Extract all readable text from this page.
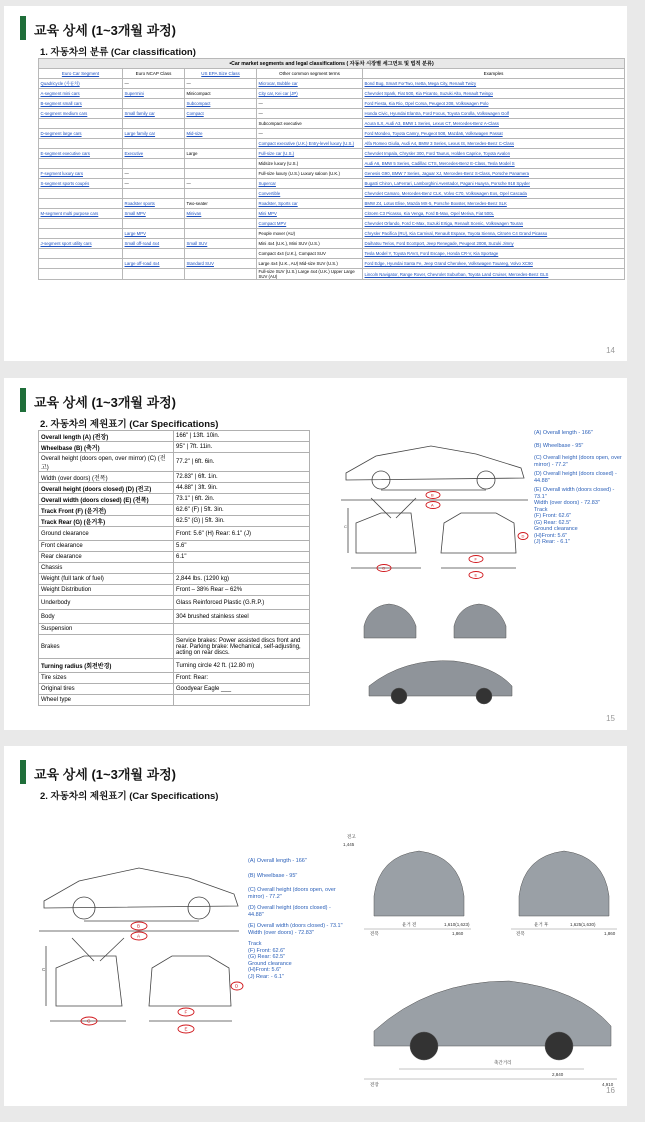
교육 상세 (1~3개월 과정)
1. 자동차의 분류 (Car classification)
•Car market segments and legal classifications ( 자동차 시장별 세그먼트 및 법적 분류)				
Euro Car Segment	Euro NCAP Class	US EPA Size Class	Other common segment terms	Examples
Quadricycle (사륜차)	—	—	Microcar, Bubble car	Bond Bug, Smart ForTwo, Isetta, Mega City, Renault Twizy
A-segment mini cars	Supermini	Minicompact	City car, Kei car (JP)	Chevrolet Spark, Fiat 500, Kia Picanto, Suzuki Alto, Renault Twingo
B-segment small cars		Subcompact	—	Ford Fiesta, Kia Rio, Opel Corsa, Peugeot 208, Volkswagen Polo
C-segment medium cars	Small family car	Compact	—	Honda Civic, Hyundai Elantra, Ford Focus, Toyota Corolla, Volkswagen Golf
			Subcompact executive	Acura ILX, Audi A3, BMW 1 Series, Lexus CT, Mercedes-Benz A-Class
D-segment large cars	Large family car	Mid-size	—	Ford Mondeo, Toyota Camry, Peugeot 508, Mazda6, Volkswagen Passat
			Compact executive (U.K.) Entry-level luxury (U.S.)	Alfa Romeo Giulia, Audi A4, BMW 3 Series, Lexus IS, Mercedes-Benz C-Class
E-segment executive cars	Executive	Large	Full-size car (U.S.)	Chevrolet Impala, Chrysler 300, Ford Taurus, Holden Caprice, Toyota Avalon
			Midsize luxury (U.S.)	Audi A6, BMW 5 Series, Cadillac CTS, Mercedes-Benz E-Class, Tesla Model S
F-segment luxury cars	—		Full-size luxury (U.S.) Luxury saloon (U.K.)	Genesis G90, BMW 7 Series, Jaguar XJ, Mercedes-Benz S-Class, Porsche Panamera
S-segment sports coupés	—	—	Supercar	Bugatti Chiron, LaFerrari, Lamborghini Aventador, Pagani Huayra, Porsche 918 Spyder
			Convertible	Chevrolet Camaro, Mercedes-Benz CLK, Volvo C70, Volkswagen Eos, Opel Cascada
	Roadster sports	Two-seater	Roadster, Sports car	BMW Z4, Lotus Elise, Mazda MX-5, Porsche Boxster, Mercedes-Benz SLK
M-segment multi purpose cars	Small MPV	Minivan	Mini MPV	Citroën C3 Picasso, Kia Venga, Ford B-Max, Opel Meriva, Fiat 500L
			Compact MPV	Chevrolet Orlando, Ford C-Max, Suzuki Ertiga, Renault Scenic, Volkswagen Touran
	Large MPV		People mover (AU)	Chrysler Pacifica (RU), Kia Carnival, Renault Espace, Toyota Sienna, Citroën C4 Grand Picasso
J-segment sport utility cars	Small off-road 4x4	Small SUV	Mini 4x4 (U.K.), Mini SUV (U.S.)	Daihatsu Terios, Ford EcoSport, Jeep Renegade, Peugeot 2008, Suzuki Jimny
			Compact 4x4 (U.K.), Compact SUV	Tesla Model Y, Toyota RAV4, Ford Escape, Honda CR-V, Kia Sportage
	Large off-road 4x4	Standard SUV	Large 4x4 (U.K., AU) Mid-size SUV (U.S.)	Ford Edge, Hyundai Santa Fe, Jeep Grand Cherokee, Volkswagen Touareg, Volvo XC90
			Full-size SUV (U.S.) Large 4x4 (U.K.) Upper Large SUV (AU)	Lincoln Navigator, Range Rover, Chevrolet Suburban, Toyota Land Cruiser, Mercedes-Benz GLS
14
교육 상세 (1~3개월 과정)
2. 자동차의 제원표기 (Car Specifications)
Overall length (A) (전장)	166" | 13ft. 10in.
Wheelbase (B) (축거)	95" | 7ft. 11in.
Overall height (doors open, over mirror) (C) (전고)	77.2" | 6ft. 6in.
Width (over doors) (전폭)	72.83" | 6ft. 1in.
Overall height (doors closed) (D) (전고)	44.88" | 3ft. 9in.
Overall width (doors closed) (E) (전폭)	73.1" | 6ft. 2in.
Track Front (F) (윤거전)	62.6" (F) | 5ft. 3in.
Track Rear (G) (윤거후)	62.5" (G) | 5ft. 3in.
Ground clearance	Front: 5.6" (H) Rear: 6.1" (J)
Front clearance	5.6"
Rear clearance	6.1"
Chassis	
Weight (full tank of fuel)	2,844 lbs. (1290 kg)
Weight Distribution	Front – 38% Rear – 62%
Underbody	Glass Reinforced Plastic (G.R.P.)
Body	304 brushed stainless steel
Suspension	
Brakes	Service brakes: Power assisted discs front and rear. Parking brake: Mechanical, self-adjusting, acting on rear discs.
Turning radius (회전반경)	Turning circle 42 ft. (12.80 m)
Tire sizes	Front: Rear:
Original tires	Goodyear Eagle ___
Wheel type	
B
A
G
F
E
D
C
(A) Overall length - 166"
(B) Wheelbase - 95"
(C) Overall height (doors open, over mirror) - 77.2"
(D) Overall height (doors closed) - 44.88"
(E) Overall width (doors closed) - 73.1"
Width (over doors) - 72.83"
Track
(F) Front: 62.6"
(G) Rear: 62.5"
Ground clearance
(H)Front: 5.6"
(J) Rear: - 6.1"
15
교육 상세 (1~3개월 과정)
2. 자동차의 제원표기 (Car Specifications)
B
A
G
F
E
D
C
(A) Overall length - 166"
(B) Wheelbase - 95"
(C) Overall height (doors open, over mirror) - 77.2"
(D) Overall height (doors closed) - 44.88"
(E) Overall width (doors closed) - 73.1"
Width (over doors) - 72.83"
Track
(F) Front: 62.6"
(G) Rear: 62.5"
Ground clearance
(H)Front: 5.6"
(J) Rear: - 6.1"
전고
1,445
전폭
윤거 전	1,610(1,623)
1,860	전폭
윤거 후	1,625(1,630)
1,860
축간거리
2,840
전장	4,910
16
